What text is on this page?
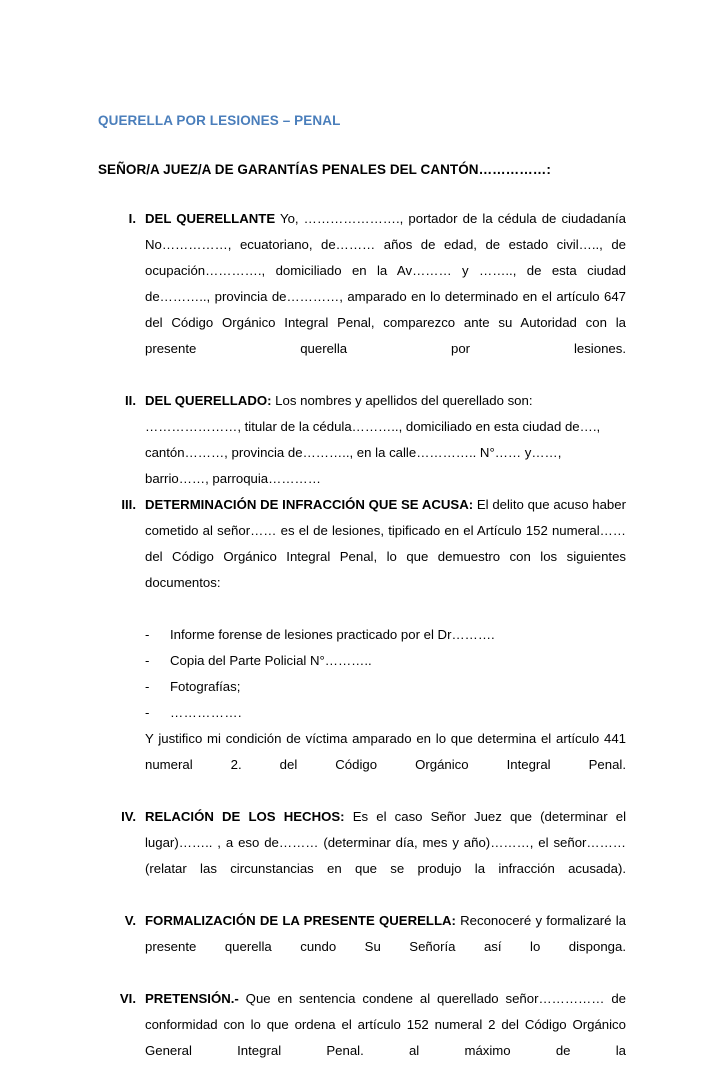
QUERELLA POR LESIONES – PENAL
SEÑOR/A JUEZ/A DE GARANTÍAS PENALES DEL CANTÓN……………:
I. DEL QUERELLANTE Yo, …………………., portador de la cédula de ciudadanía No……………, ecuatoriano, de……… años de edad, de estado civil….., de ocupación…………., domiciliado en la Av……… y …….., de esta ciudad de……….., provincia de…………, amparado en lo determinado en el artículo 647 del Código Orgánico Integral Penal, comparezco ante su Autoridad con la presente querella por lesiones.

II. DEL QUERELLADO: Los nombres y apellidos del querellado son: …………………, titular de la cédula……….., domiciliado en esta ciudad de…., cantón………, provincia de……….., en la calle………….. N°…… y……, barrio……, parroquia…………

III. DETERMINACIÓN DE INFRACCIÓN QUE SE ACUSA: El delito que acuso haber cometido al señor…… es el de lesiones, tipificado en el Artículo 152 numeral…… del Código Orgánico Integral Penal, lo que demuestro con los siguientes documentos:

-	Informe forense de lesiones practicado por el Dr……….
-	Copia del Parte Policial N°………..
-	Fotografías;
-	…………….

Y justifico mi condición de víctima amparado en lo que determina el artículo 441 numeral 2. del Código Orgánico Integral Penal.

IV. RELACIÓN DE LOS HECHOS: Es el caso Señor Juez que (determinar el lugar)…….. , a eso de……… (determinar día, mes y año)………, el señor……… (relatar las circunstancias en que se produjo la infracción acusada).

V. FORMALIZACIÓN DE LA PRESENTE QUERELLA: Reconoceré y formalizaré la presente querella cundo Su Señoría así lo disponga.

VI. PRETENSIÓN.- Que en sentencia condene al querellado señor…………… de conformidad con lo que ordena el artículo 152 numeral 2 del Código Orgánico General Integral Penal. al máximo de la
